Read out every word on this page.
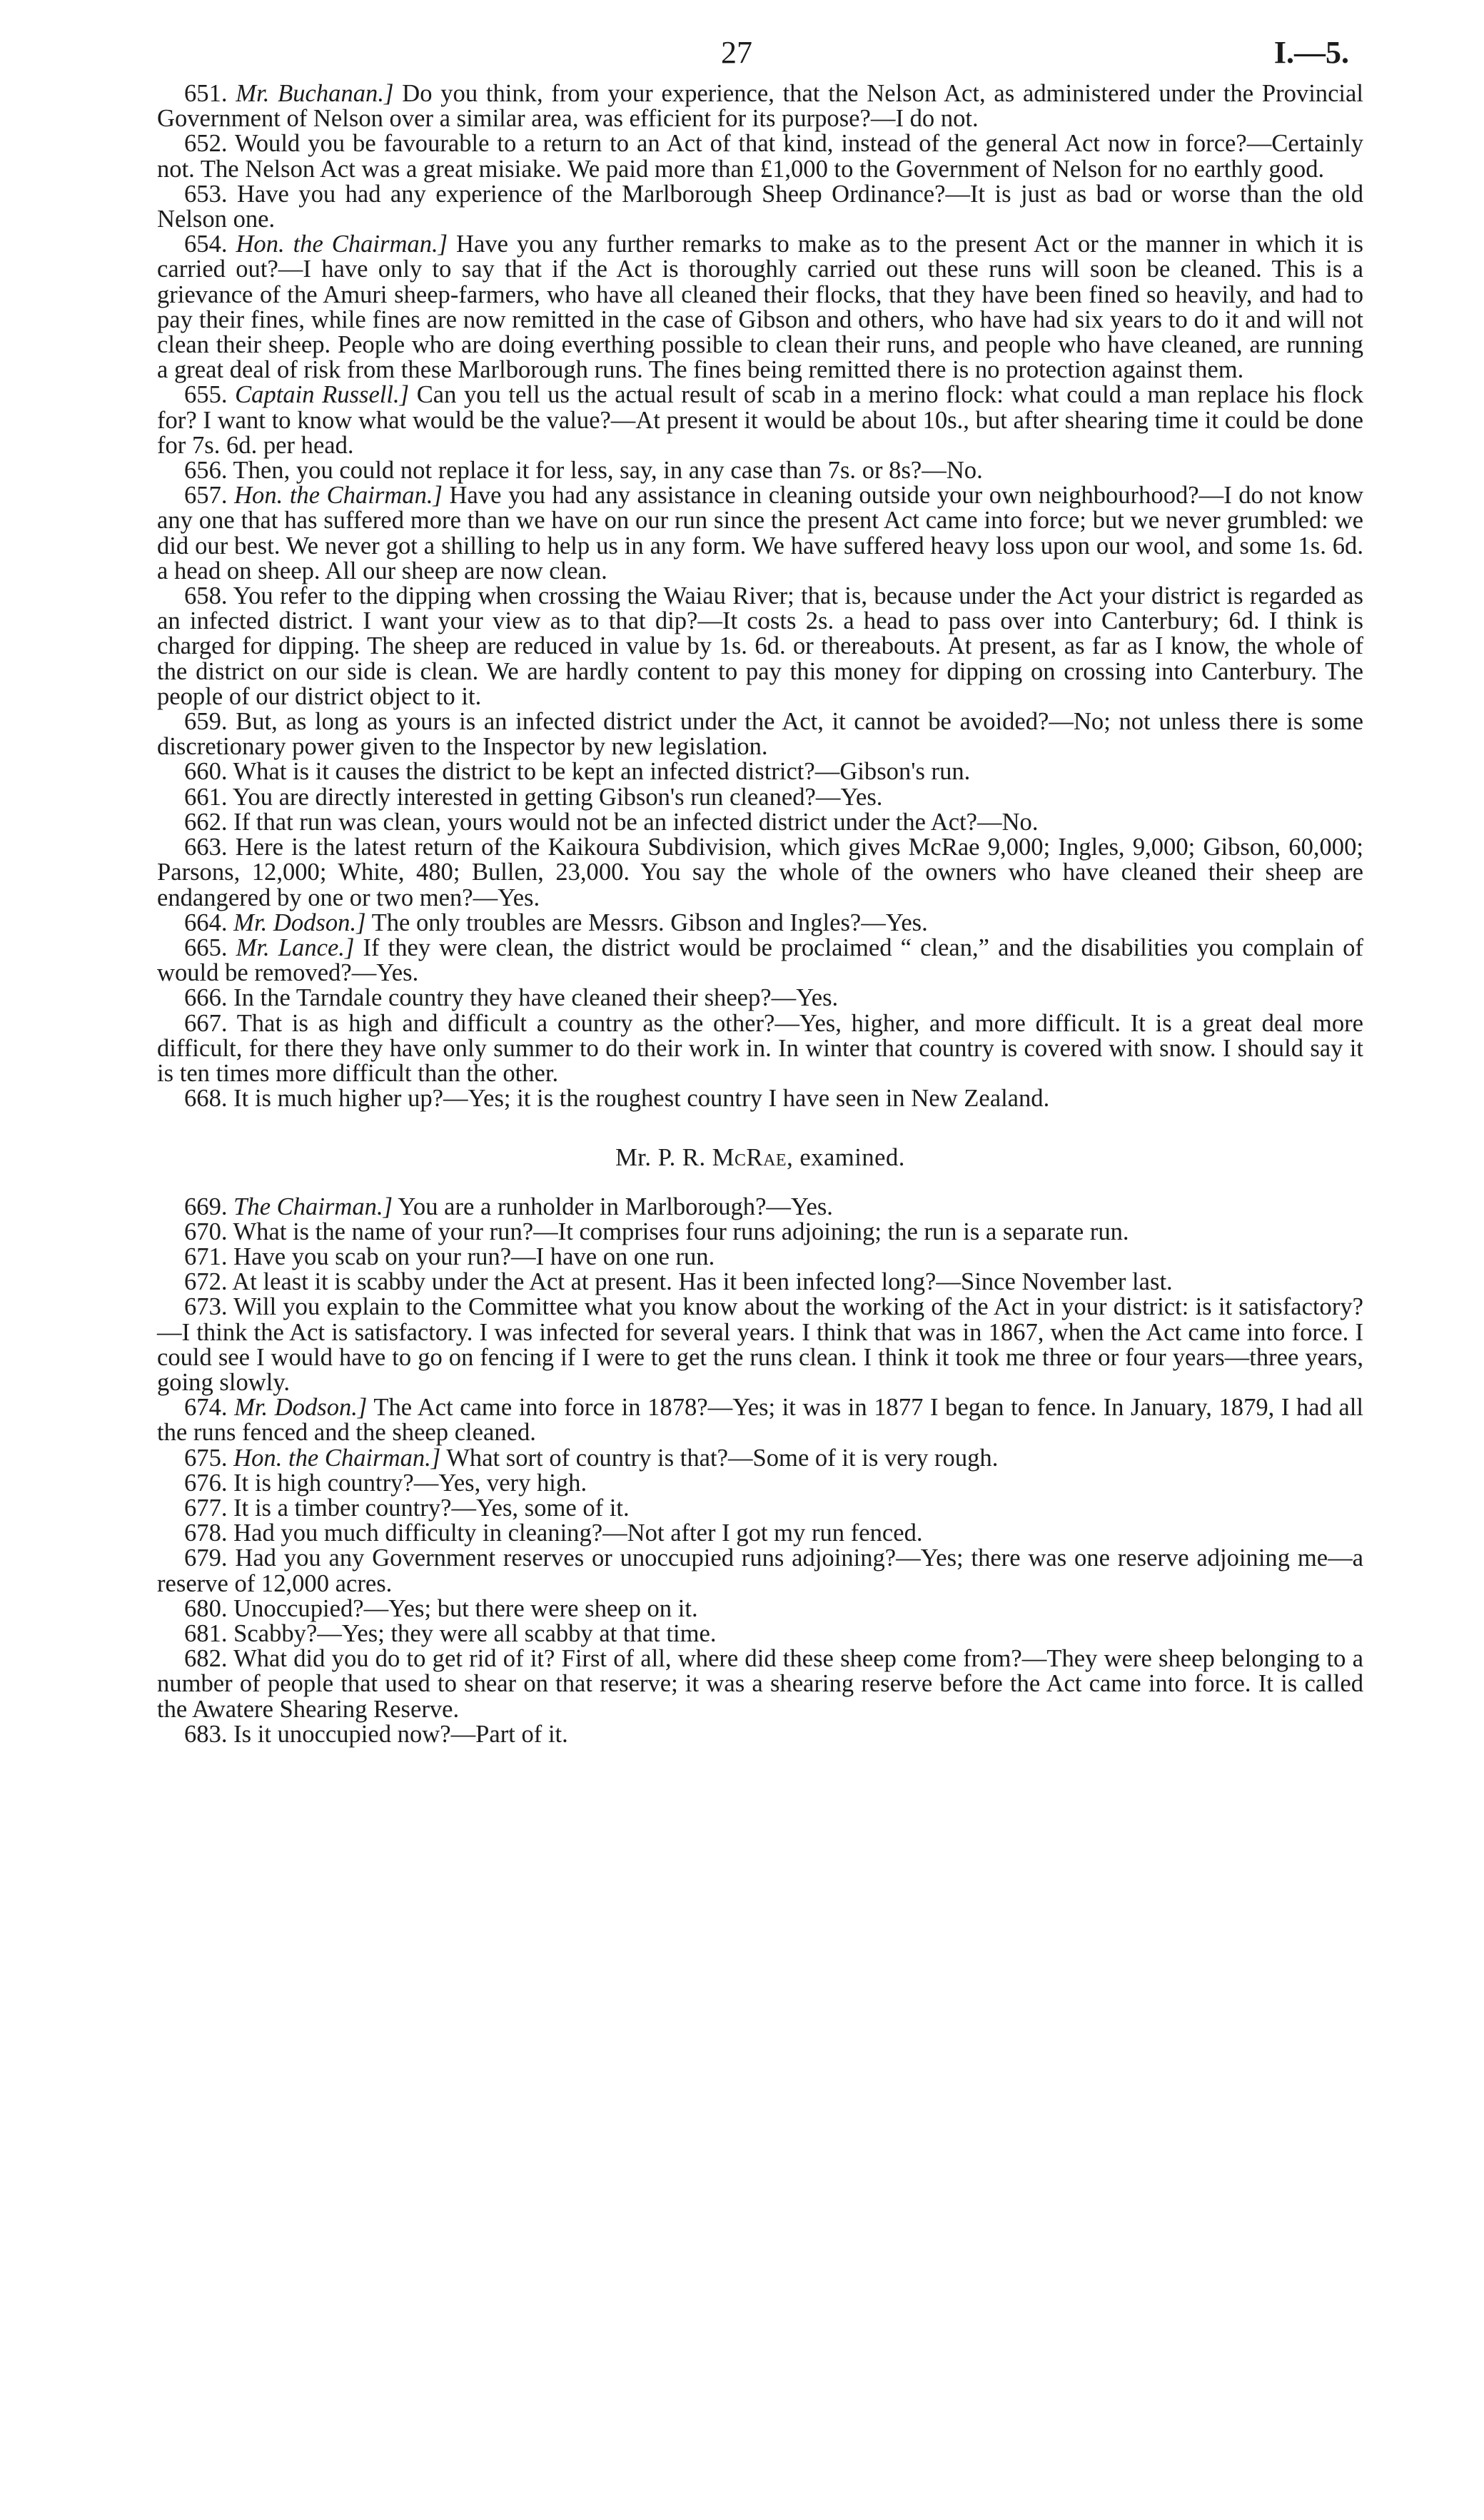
27	I.—5.

651. Mr. Buchanan.] Do you think, from your experience, that the Nelson Act, as administered under the Provincial Government of Nelson over a similar area, was efficient for its purpose?—I do not.

652. Would you be favourable to a return to an Act of that kind, instead of the general Act now in force?—Certainly not. The Nelson Act was a great misiake. We paid more than £1,000 to the Government of Nelson for no earthly good.

653. Have you had any experience of the Marlborough Sheep Ordinance?—It is just as bad or worse than the old Nelson one.

654. Hon. the Chairman.] Have you any further remarks to make as to the present Act or the manner in which it is carried out?—I have only to say that if the Act is thoroughly carried out these runs will soon be cleaned. This is a grievance of the Amuri sheep-farmers, who have all cleaned their flocks, that they have been fined so heavily, and had to pay their fines, while fines are now remitted in the case of Gibson and others, who have had six years to do it and will not clean their sheep. People who are doing everthing possible to clean their runs, and people who have cleaned, are running a great deal of risk from these Marlborough runs. The fines being remitted there is no protection against them.

655. Captain Russell.] Can you tell us the actual result of scab in a merino flock: what could a man replace his flock for? I want to know what would be the value?—At present it would be about 10s., but after shearing time it could be done for 7s. 6d. per head.

656. Then, you could not replace it for less, say, in any case than 7s. or 8s?—No.

657. Hon. the Chairman.] Have you had any assistance in cleaning outside your own neighbourhood?—I do not know any one that has suffered more than we have on our run since the present Act came into force; but we never grumbled: we did our best. We never got a shilling to help us in any form. We have suffered heavy loss upon our wool, and some 1s. 6d. a head on sheep. All our sheep are now clean.

658. You refer to the dipping when crossing the Waiau River; that is, because under the Act your district is regarded as an infected district. I want your view as to that dip?—It costs 2s. a head to pass over into Canterbury; 6d. I think is charged for dipping. The sheep are reduced in value by 1s. 6d. or thereabouts. At present, as far as I know, the whole of the district on our side is clean. We are hardly content to pay this money for dipping on crossing into Canterbury. The people of our district object to it.

659. But, as long as yours is an infected district under the Act, it cannot be avoided?—No; not unless there is some discretionary power given to the Inspector by new legislation.

660. What is it causes the district to be kept an infected district?—Gibson's run.

661. You are directly interested in getting Gibson's run cleaned?—Yes.

662. If that run was clean, yours would not be an infected district under the Act?—No.

663. Here is the latest return of the Kaikoura Subdivision, which gives McRae 9,000; Ingles, 9,000; Gibson, 60,000; Parsons, 12,000; White, 480; Bullen, 23,000. You say the whole of the owners who have cleaned their sheep are endangered by one or two men?—Yes.

664. Mr. Dodson.] The only troubles are Messrs. Gibson and Ingles?—Yes.

665. Mr. Lance.] If they were clean, the district would be proclaimed “ clean,” and the disabilities you complain of would be removed?—Yes.

666. In the Tarndale country they have cleaned their sheep?—Yes.

667. That is as high and difficult a country as the other?—Yes, higher, and more difficult. It is a great deal more difficult, for there they have only summer to do their work in. In winter that country is covered with snow. I should say it is ten times more difficult than the other.

668. It is much higher up?—Yes; it is the roughest country I have seen in New Zealand.

Mr. P. R. McRae, examined.

669. The Chairman.] You are a runholder in Marlborough?—Yes.

670. What is the name of your run?—It comprises four runs adjoining; the run is a separate run.

671. Have you scab on your run?—I have on one run.

672. At least it is scabby under the Act at present. Has it been infected long?—Since November last.

673. Will you explain to the Committee what you know about the working of the Act in your district: is it satisfactory?—I think the Act is satisfactory. I was infected for several years. I think that was in 1867, when the Act came into force. I could see I would have to go on fencing if I were to get the runs clean. I think it took me three or four years—three years, going slowly.

674. Mr. Dodson.] The Act came into force in 1878?—Yes; it was in 1877 I began to fence. In January, 1879, I had all the runs fenced and the sheep cleaned.

675. Hon. the Chairman.] What sort of country is that?—Some of it is very rough.

676. It is high country?—Yes, very high.

677. It is a timber country?—Yes, some of it.

678. Had you much difficulty in cleaning?—Not after I got my run fenced.

679. Had you any Government reserves or unoccupied runs adjoining?—Yes; there was one reserve adjoining me—a reserve of 12,000 acres.

680. Unoccupied?—Yes; but there were sheep on it.

681. Scabby?—Yes; they were all scabby at that time.

682. What did you do to get rid of it? First of all, where did these sheep come from?—They were sheep belonging to a number of people that used to shear on that reserve; it was a shearing reserve before the Act came into force. It is called the Awatere Shearing Reserve.

683. Is it unoccupied now?—Part of it.
